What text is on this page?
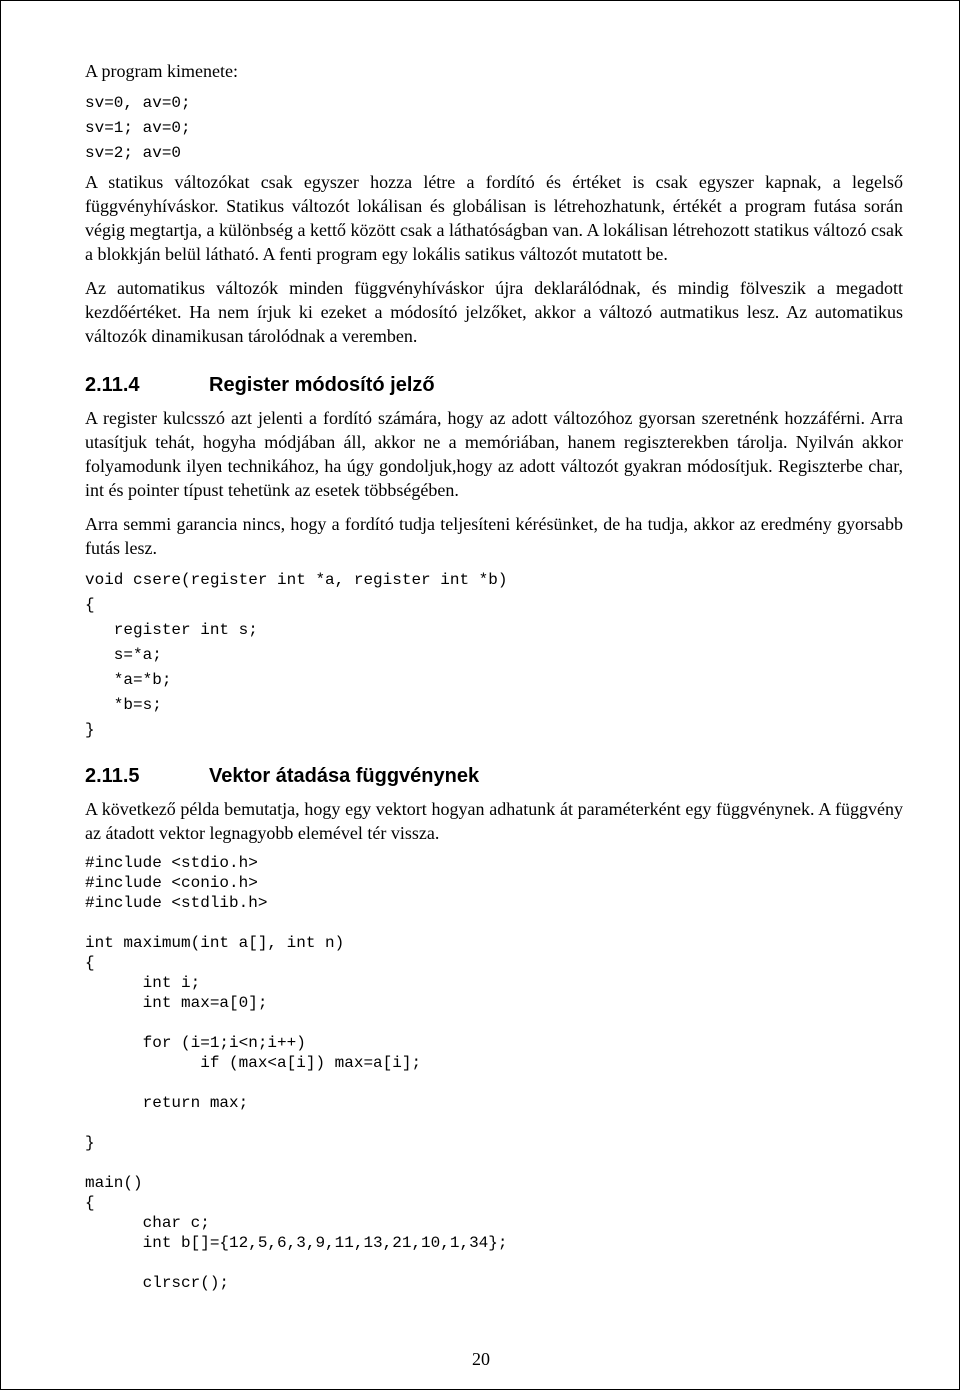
A program kimenete:

sv=0, av=0;
sv=1; av=0;
sv=2; av=0

A statikus változókat csak egyszer hozza létre a fordító és értéket is csak egyszer kapnak, a legelső függvényhíváskor. Statikus változót lokálisan és globálisan is létrehozhatunk, értékét a program futása során végig megtartja, a különbség a kettő között csak a láthatóságban van. A lokálisan létrehozott statikus változó csak a blokkján belül látható. A fenti program egy lokális satikus változót mutatott be.

Az automatikus változók minden függvényhíváskor újra deklarálódnak, és mindig fölveszik a megadott kezdőértéket. Ha nem írjuk ki ezeket a módosító jelzőket, akkor a változó autmatikus lesz. Az automatikus változók dinamikusan tárolódnak a veremben.

2.11.4	Register módosító jelző

A register kulcsszó azt jelenti a fordító számára, hogy az adott változóhoz gyorsan szeretnénk hozzáférni. Arra utasítjuk tehát, hogyha módjában áll, akkor ne a memóriában, hanem regiszterekben tárolja. Nyilván akkor folyamodunk ilyen technikához, ha úgy gondoljuk,hogy az adott változót gyakran módosítjuk. Regiszterbe char, int és pointer típust tehetünk az esetek többségében.

Arra semmi garancia nincs, hogy a fordító tudja teljesíteni kérésünket, de ha tudja, akkor az eredmény gyorsabb futás lesz.

void csere(register int *a, register int *b)
{
register int s;
s=*a;
*a=*b;
*b=s;
}
2.11.5	Vektor átadása függvénynek

A következő példa bemutatja, hogy egy vektort hogyan adhatunk át paraméterként egy függvénynek. A függvény az átadott vektor legnagyobb elemével tér vissza.

#include <stdio.h>
#include <conio.h>
#include <stdlib.h>

int maximum(int a[], int n)
{
int i;
int max=a[0];

for (i=1;i<n;i++)
if (max<a[i]) max=a[i];

return max;

}

main()
{
char c;
int b[]={12,5,6,3,9,11,13,21,10,1,34};

clrscr();
20
